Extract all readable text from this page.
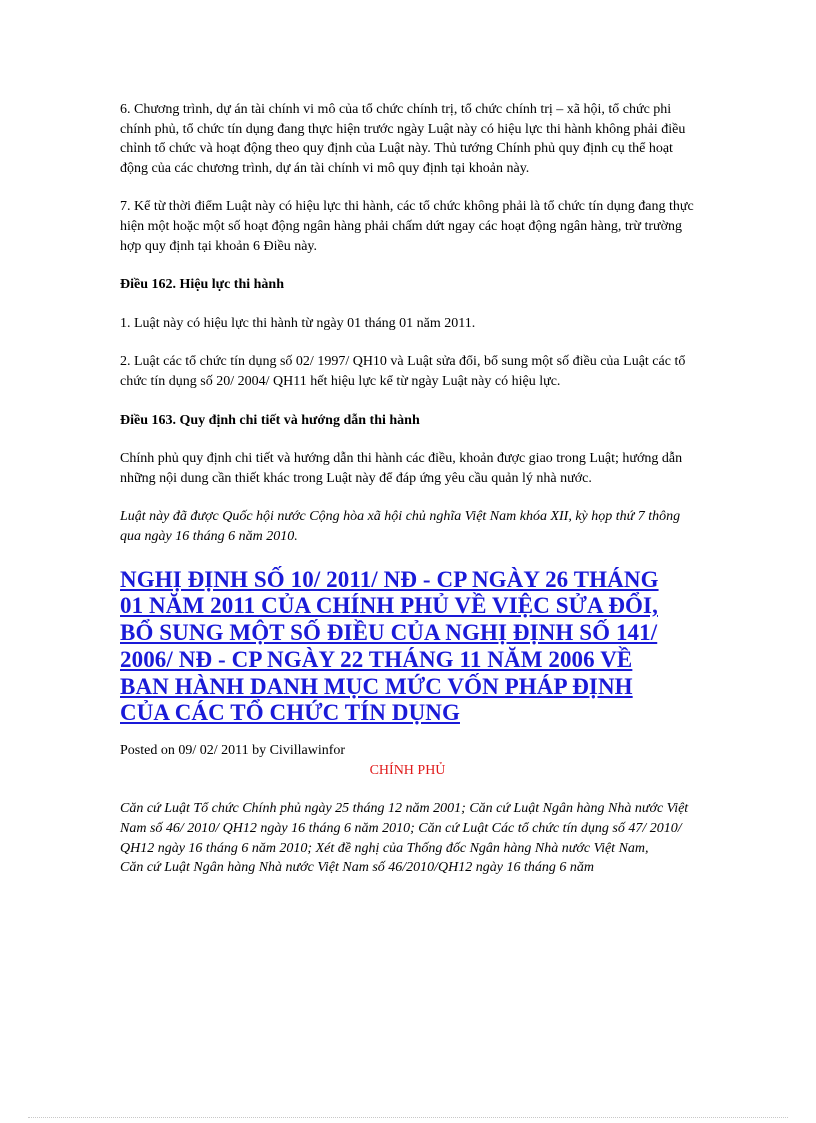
6. Chương trình, dự án tài chính vi mô của tổ chức chính trị, tổ chức chính trị – xã hội, tổ chức phi chính phủ, tổ chức tín dụng đang thực hiện trước ngày Luật này có hiệu lực thi hành không phải điều chỉnh tổ chức và hoạt động theo quy định của Luật này. Thủ tướng Chính phủ quy định cụ thể hoạt động của các chương trình, dự án tài chính vi mô quy định tại khoản này.

7. Kể từ thời điểm Luật này có hiệu lực thi hành, các tổ chức không phải là tổ chức tín dụng đang thực hiện một hoặc một số hoạt động ngân hàng phải chấm dứt ngay các hoạt động ngân hàng, trừ trường hợp quy định tại khoản 6 Điều này.

Điều 162. Hiệu lực thi hành

1. Luật này có hiệu lực thi hành từ ngày 01 tháng 01 năm 2011.

2. Luật các tổ chức tín dụng số 02/ 1997/ QH10 và Luật sửa đổi, bổ sung một số điều của Luật các tổ chức tín dụng số 20/ 2004/ QH11 hết hiệu lực kể từ ngày Luật này có hiệu lực.

Điều 163. Quy định chi tiết và hướng dẫn thi hành

Chính phủ quy định chi tiết và hướng dẫn thi hành các điều, khoản được giao trong Luật; hướng dẫn những nội dung cần thiết khác trong Luật này để đáp ứng yêu cầu quản lý nhà nước.

Luật này đã được Quốc hội nước Cộng hòa xã hội chủ nghĩa Việt Nam khóa XII, kỳ họp thứ 7 thông qua ngày 16 tháng 6 năm 2010.

NGHỊ ĐỊNH SỐ 10/ 2011/ NĐ - CP NGÀY 26 THÁNG
01 NĂM 2011 CỦA CHÍNH PHỦ VỀ VIỆC SỬA ĐỔI,
BỔ SUNG MỘT SỐ ĐIỀU CỦA NGHỊ ĐỊNH SỐ 141/
2006/ NĐ - CP NGÀY 22 THÁNG 11 NĂM 2006 VỀ
BAN HÀNH DANH MỤC MỨC VỐN PHÁP ĐỊNH
CỦA CÁC TỔ CHỨC TÍN DỤNG

Posted on 09/ 02/ 2011 by Civillawinfor

CHÍNH PHỦ

Căn cứ Luật Tổ chức Chính phủ ngày 25 tháng 12 năm 2001; Căn cứ Luật Ngân hàng Nhà nước Việt Nam số 46/ 2010/ QH12 ngày 16 tháng 6 năm 2010; Căn cứ Luật Các tổ chức tín dụng số 47/ 2010/ QH12 ngày 16 tháng 6 năm 2010; Xét đề nghị của Thống đốc Ngân hàng Nhà nước Việt Nam,

Căn cứ Luật Ngân hàng Nhà nước Việt Nam số 46/2010/QH12 ngày 16 tháng 6 năm
